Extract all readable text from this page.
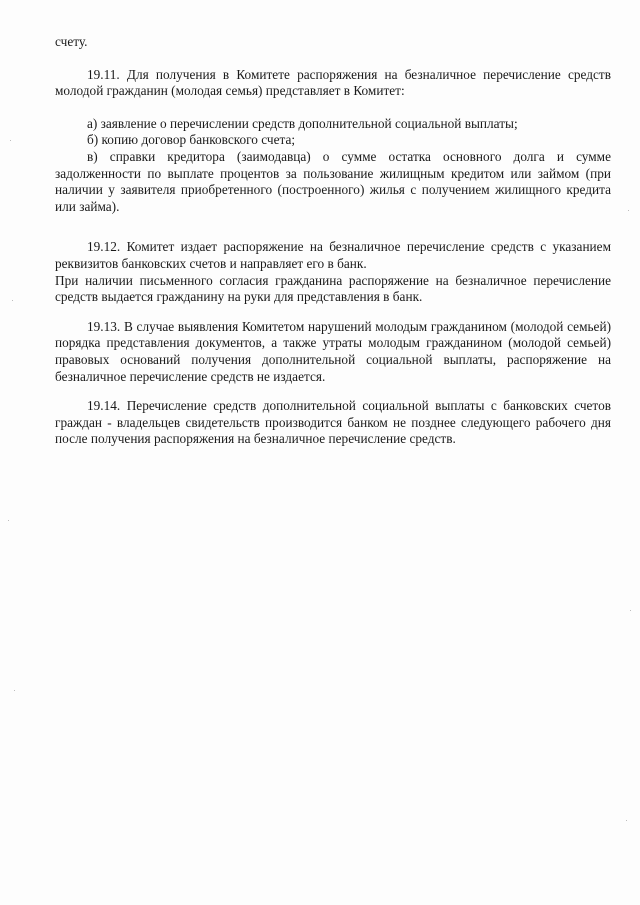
счету.

19.11. Для получения в Комитете распоряжения на безналичное перечисление средств молодой гражданин (молодая семья) представляет в Комитет:

а) заявление о перечислении средств дополнительной социальной выплаты;

б) копию договор банковского счета;

в) справки кредитора (заимодавца) о сумме остатка основного долга и сумме задолженности по выплате процентов за пользование жилищным кредитом или займом (при наличии у заявителя приобретенного (построенного) жилья с получением жилищного кредита или займа).

19.12. Комитет издает распоряжение на безналичное перечисление средств с указанием реквизитов банковских счетов и направляет его в банк.

При наличии письменного согласия гражданина распоряжение на безналичное перечисление средств выдается гражданину на руки для представления в банк.

19.13. В случае выявления Комитетом нарушений молодым гражданином (молодой семьей) порядка представления документов, а также утраты молодым гражданином (молодой семьей) правовых оснований получения дополнительной социальной выплаты, распоряжение на безналичное перечисление средств не издается.

19.14. Перечисление средств дополнительной социальной выплаты с банковских счетов граждан - владельцев свидетельств производится банком не позднее следующего рабочего дня после получения распоряжения на безналичное перечисление средств.
